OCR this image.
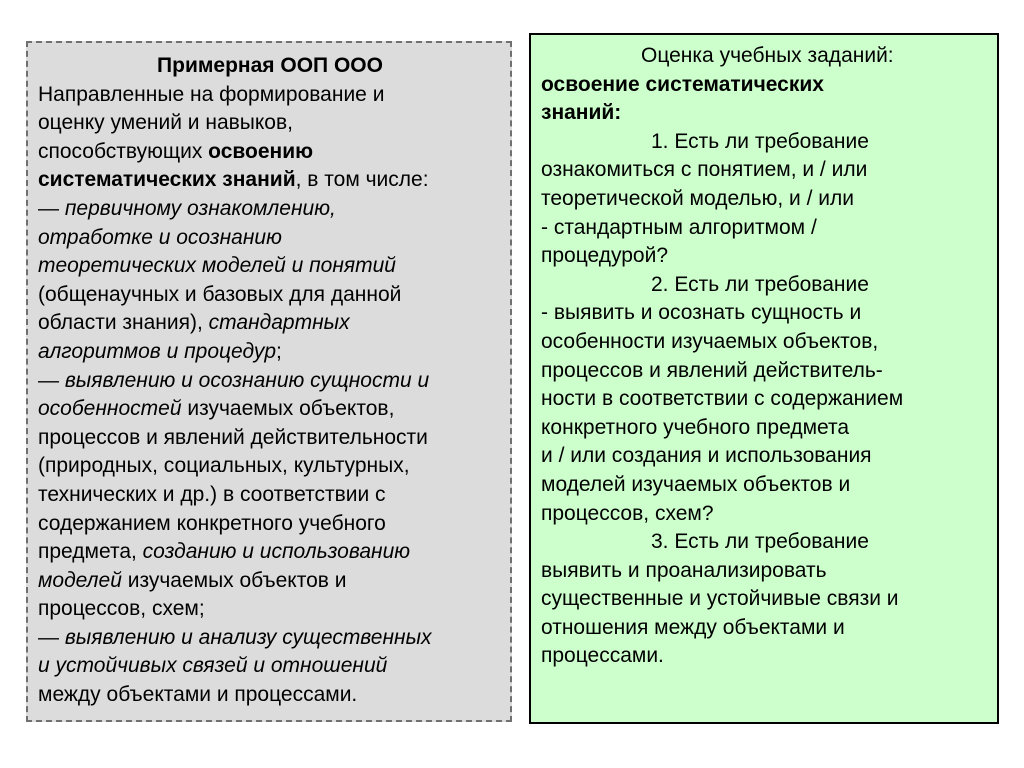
Примерная ООП ООО
Направленные на формирование и
оценку умений и навыков,
способствующих освоению
систематических знаний, в том числе:
— первичному ознакомлению,
отработке и осознанию
теоретических моделей и понятий
(общенаучных и базовых для данной
области знания), стандартных
алгоритмов и процедур;
— выявлению и осознанию сущности и
особенностей изучаемых объектов,
процессов и явлений действительности
(природных, социальных, культурных,
технических и др.) в соответствии с
содержанием конкретного учебного
предмета, созданию и использованию
моделей изучаемых объектов и
процессов, схем;
— выявлению и анализу существенных
и устойчивых связей и отношений
между объектами и процессами.
Оценка учебных заданий:
освоение систематических
знаний:
1. Есть ли требование
ознакомиться с понятием, и / или
теоретической моделью, и / или
- стандартным алгоритмом /
процедурой?
2. Есть ли требование
- выявить и осознать сущность и
особенности изучаемых объектов,
процессов и явлений действитель-
ности в соответствии с содержанием
конкретного учебного предмета
и / или создания и использования
моделей изучаемых объектов и
процессов, схем?
3. Есть ли требование
выявить и проанализировать
существенные и устойчивые связи и
отношения между объектами и
процессами.
